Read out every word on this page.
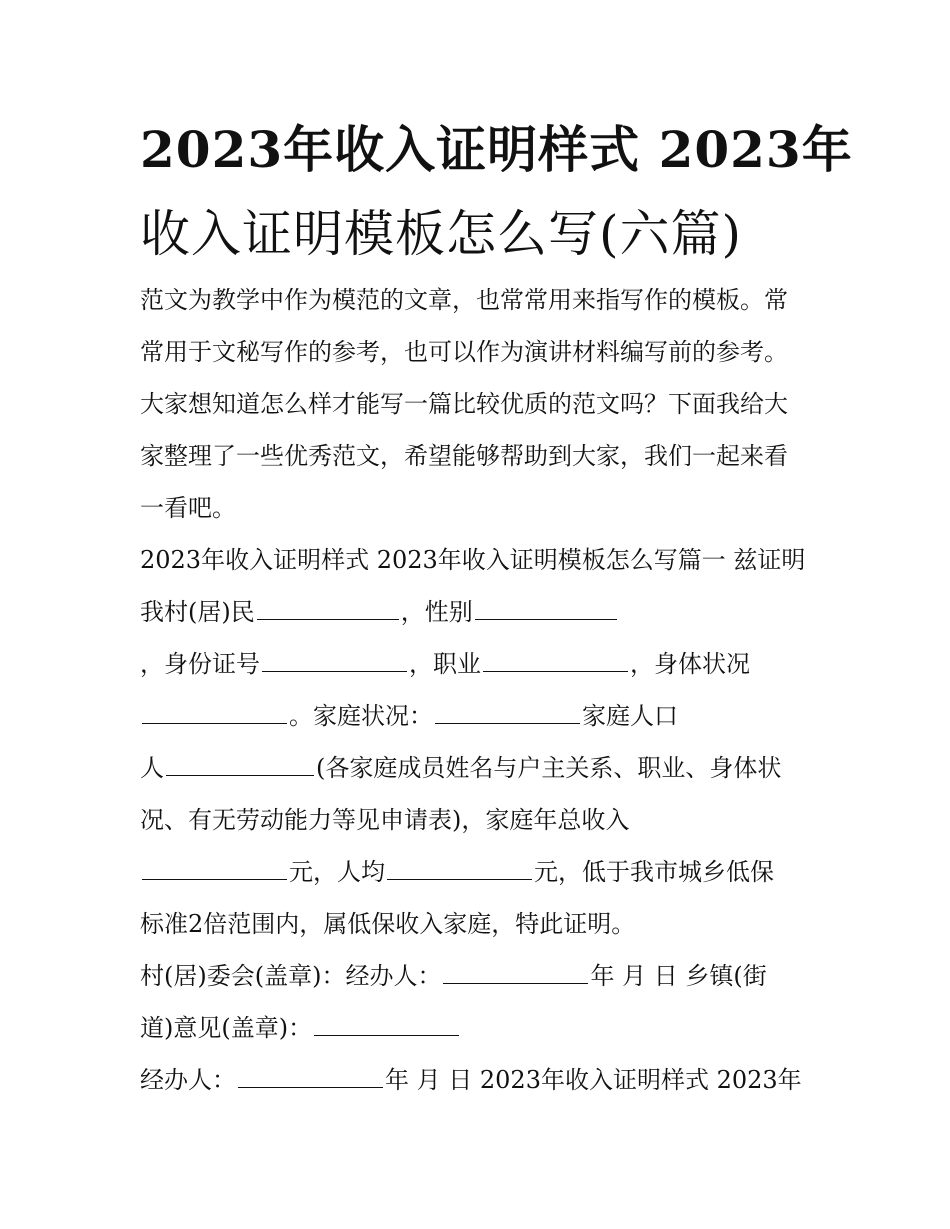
2023年收入证明样式 2023年
收入证明模板怎么写(六篇)
范文为教学中作为模范的文章，也常常用来指写作的模板。常
常用于文秘写作的参考，也可以作为演讲材料编写前的参考。
大家想知道怎么样才能写一篇比较优质的范文吗？下面我给大
家整理了一些优秀范文，希望能够帮助到大家，我们一起来看
一看吧。
2023年收入证明样式 2023年收入证明模板怎么写篇一 兹证明
我村(居)民	，性别
，身份证号	，职业	，身体状况
。家庭状况：	家庭人口
人	(各家庭成员姓名与户主关系、职业、身体状
况、有无劳动能力等见申请表)，家庭年总收入
元，人均	元，低于我市城乡低保
标准2倍范围内，属低保收入家庭，特此证明。
村(居)委会(盖章)：经办人：	年 月 日 乡镇(街
道)意见(盖章)：
经办人：	年 月 日 2023年收入证明样式 2023年
